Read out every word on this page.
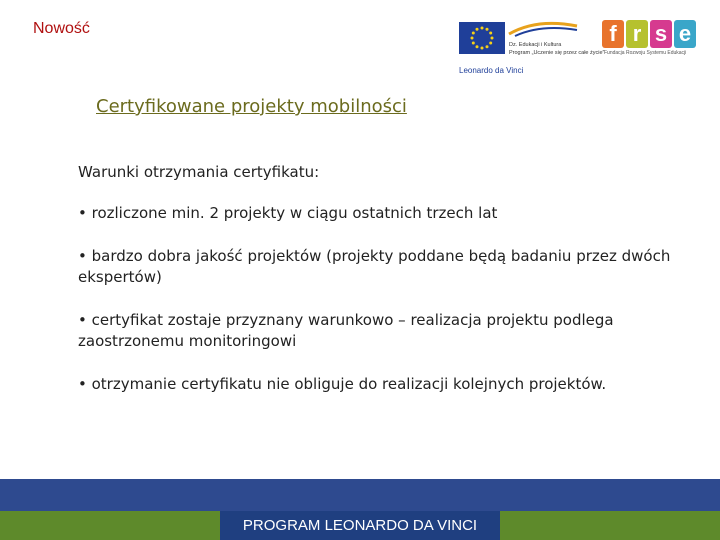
Nowość
Dz. Edukacji i Kultura
Program „Uczenie się przez całe życie”
Leonardo da Vinci
f r s e
Fundacja Rozwoju Systemu Edukacji
Certyfikowane projekty mobilności

Warunki otrzymania certyfikatu:

• rozliczone min. 2 projekty w ciągu ostatnich trzech lat

• bardzo dobra jakość projektów (projekty poddane będą badaniu przez dwóch ekspertów)

• certyfikat zostaje przyznany warunkowo – realizacja projektu podlega zaostrzonemu monitoringowi

• otrzymanie certyfikatu nie obliguje do realizacji kolejnych projektów.

PROGRAM LEONARDO DA VINCI
